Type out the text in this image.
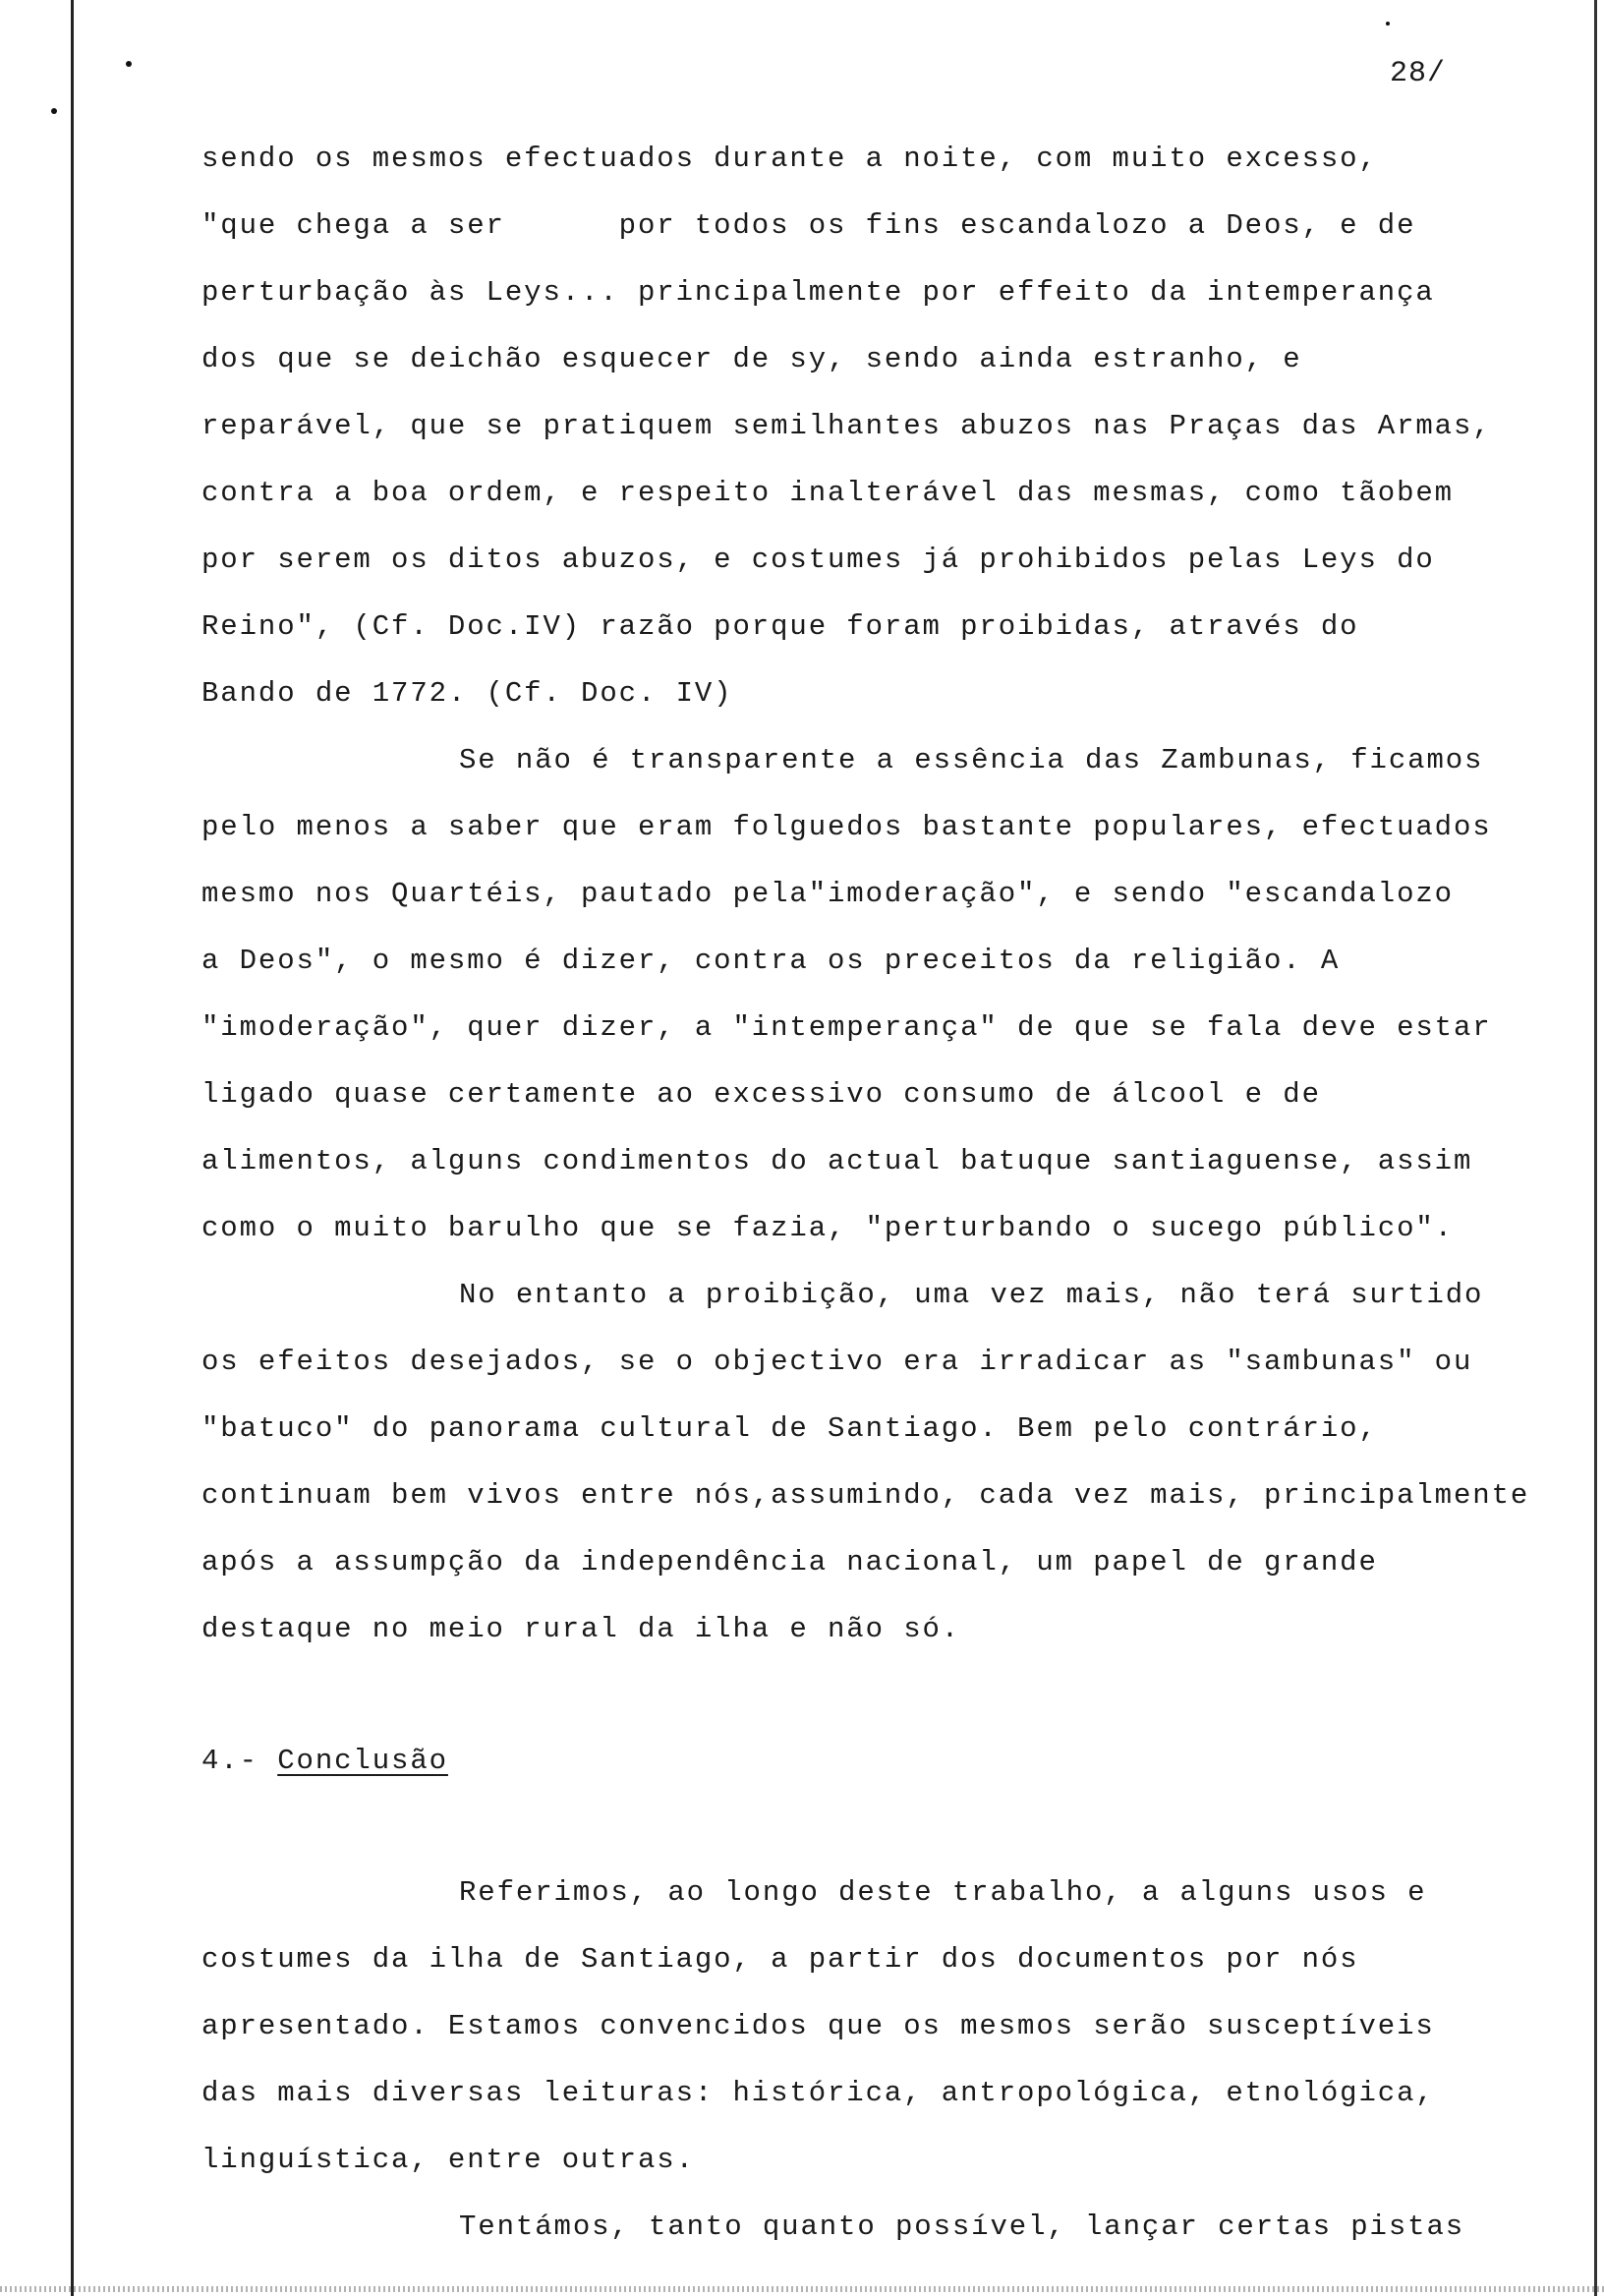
28/
sendo os mesmos efectuados durante a noite, com muito excesso,
"que chega a ser      por todos os fins escandalozo a Deos, e de
perturbação às Leys... principalmente por effeito da intemperança
dos que se deichão esquecer de sy, sendo ainda estranho, e
reparável, que se pratiquem semilhantes abuzos nas Praças das Armas,
contra a boa ordem, e respeito inalterável das mesmas, como tãobem
por serem os ditos abuzos, e costumes já prohibidos pelas Leys do
Reino", (Cf. Doc.IV) razão porque foram proibidas, através do
Bando de 1772. (Cf. Doc. IV)
Se não é transparente a essência das Zambunas, ficamos
pelo menos a saber que eram folguedos bastante populares, efectuados
mesmo nos Quartéis, pautado pela"imoderação", e sendo "escandalozo
a Deos", o mesmo é dizer, contra os preceitos da religião. A
"imoderação", quer dizer, a "intemperança" de que se fala deve estar
ligado quase certamente ao excessivo consumo de álcool e de
alimentos, alguns condimentos do actual batuque santiaguense, assim
como o muito barulho que se fazia, "perturbando o sucego público".
No entanto a proibição, uma vez mais, não terá surtido
os efeitos desejados, se o objectivo era irradicar as "sambunas" ou
"batuco" do panorama cultural de Santiago. Bem pelo contrário,
continuam bem vivos entre nós,assumindo, cada vez mais, principalmente
após a assumpção da independência nacional, um papel de grande
destaque no meio rural da ilha e não só.
4.- Conclusão
Referimos, ao longo deste trabalho, a alguns usos e
costumes da ilha de Santiago, a partir dos documentos por nós
apresentado. Estamos convencidos que os mesmos serão susceptíveis
das mais diversas leituras: histórica, antropológica, etnológica,
linguística, entre outras.
Tentámos, tanto quanto possível, lançar certas pistas
